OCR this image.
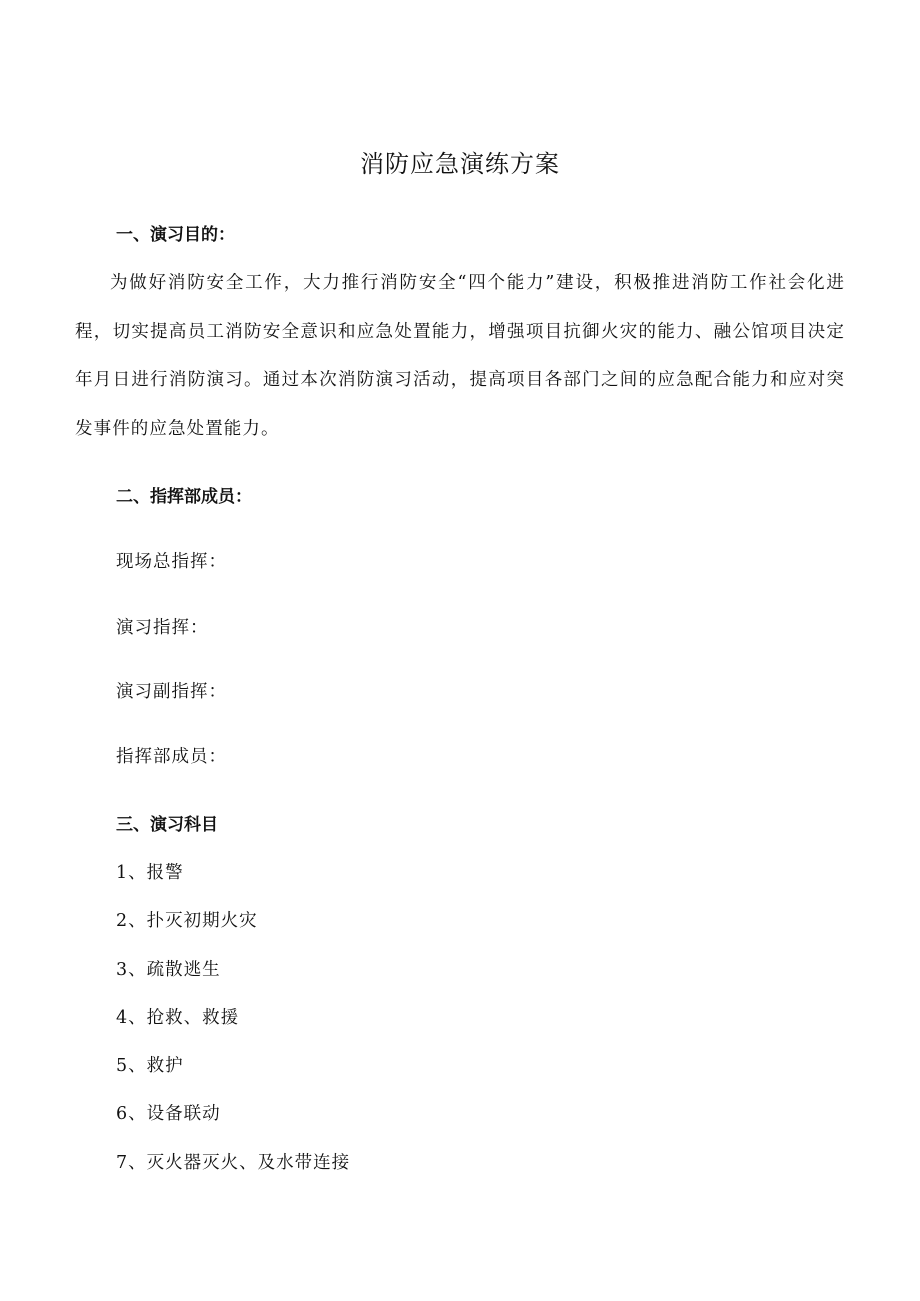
消防应急演练方案
一、演习目的：

为做好消防安全工作，大力推行消防安全“四个能力”建设，积极推进消防工作社会化进程，切实提高员工消防安全意识和应急处置能力，增强项目抗御火灾的能力、融公馆项目决定年月日进行消防演习。通过本次消防演习活动，提高项目各部门之间的应急配合能力和应对突发事件的应急处置能力。

二、指挥部成员：
现场总指挥：
演习指挥：
演习副指挥：
指挥部成员：
三、演习科目
1、报警
2、扑灭初期火灾
3、疏散逃生
4、抢救、救援
5、救护
6、设备联动
7、灭火器灭火、及水带连接
